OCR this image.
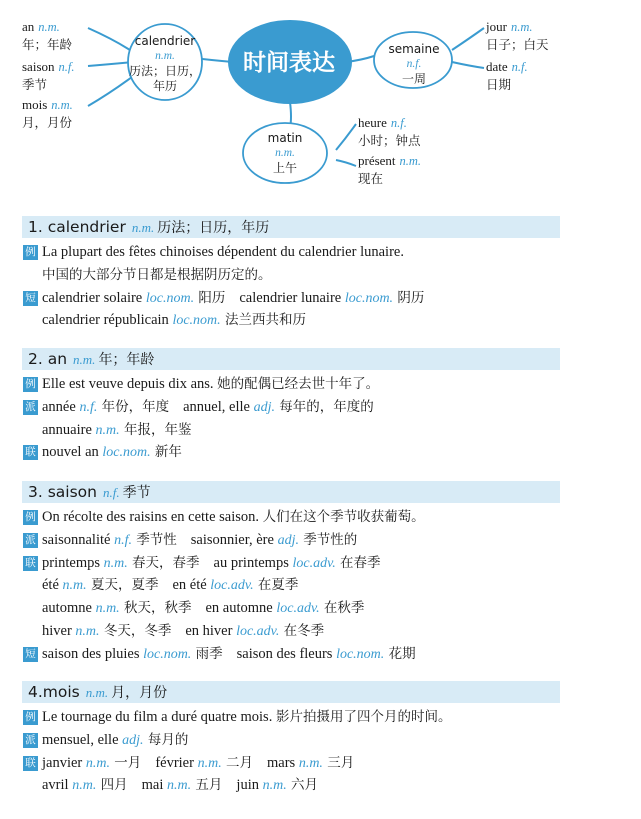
时间表达
calendrier
n.m.
历法；日历，
年历
semaine
n.f.
一周
matin
n.m.
上午
an n.m.
年；年龄
saison n.f.
季节
mois n.m.
月，月份
jour n.m.
日子；白天
date n.f.
日期
heure n.f.
小时；钟点
présent n.m.
现在
1. calendrier n.m. 历法；日历，年历
例 La plupart des fêtes chinoises dépendent du calendrier lunaire.
中国的大部分节日都是根据阴历定的。
短 calendrier solaire loc.nom. 阳历 calendrier lunaire loc.nom. 阴历
calendrier républicain loc.nom. 法兰西共和历
2. an n.m. 年；年龄
例 Elle est veuve depuis dix ans. 她的配偶已经去世十年了。
派 année n.f. 年份，年度 annuel, elle adj. 每年的，年度的
annuaire n.m. 年报，年鉴
联 nouvel an loc.nom. 新年
3. saison n.f. 季节
例 On récolte des raisins en cette saison. 人们在这个季节收获葡萄。
派 saisonnalité n.f. 季节性 saisonnier, ère adj. 季节性的
联 printemps n.m. 春天，春季 au printemps loc.adv. 在春季
été n.m. 夏天，夏季 en été loc.adv. 在夏季
automne n.m. 秋天，秋季 en automne loc.adv. 在秋季
hiver n.m. 冬天，冬季 en hiver loc.adv. 在冬季
短 saison des pluies loc.nom. 雨季 saison des fleurs loc.nom. 花期
4.mois n.m. 月，月份
例 Le tournage du film a duré quatre mois. 影片拍摄用了四个月的时间。
派 mensuel, elle adj. 每月的
联 janvier n.m. 一月 février n.m. 二月 mars n.m. 三月
avril n.m. 四月 mai n.m. 五月 juin n.m. 六月
